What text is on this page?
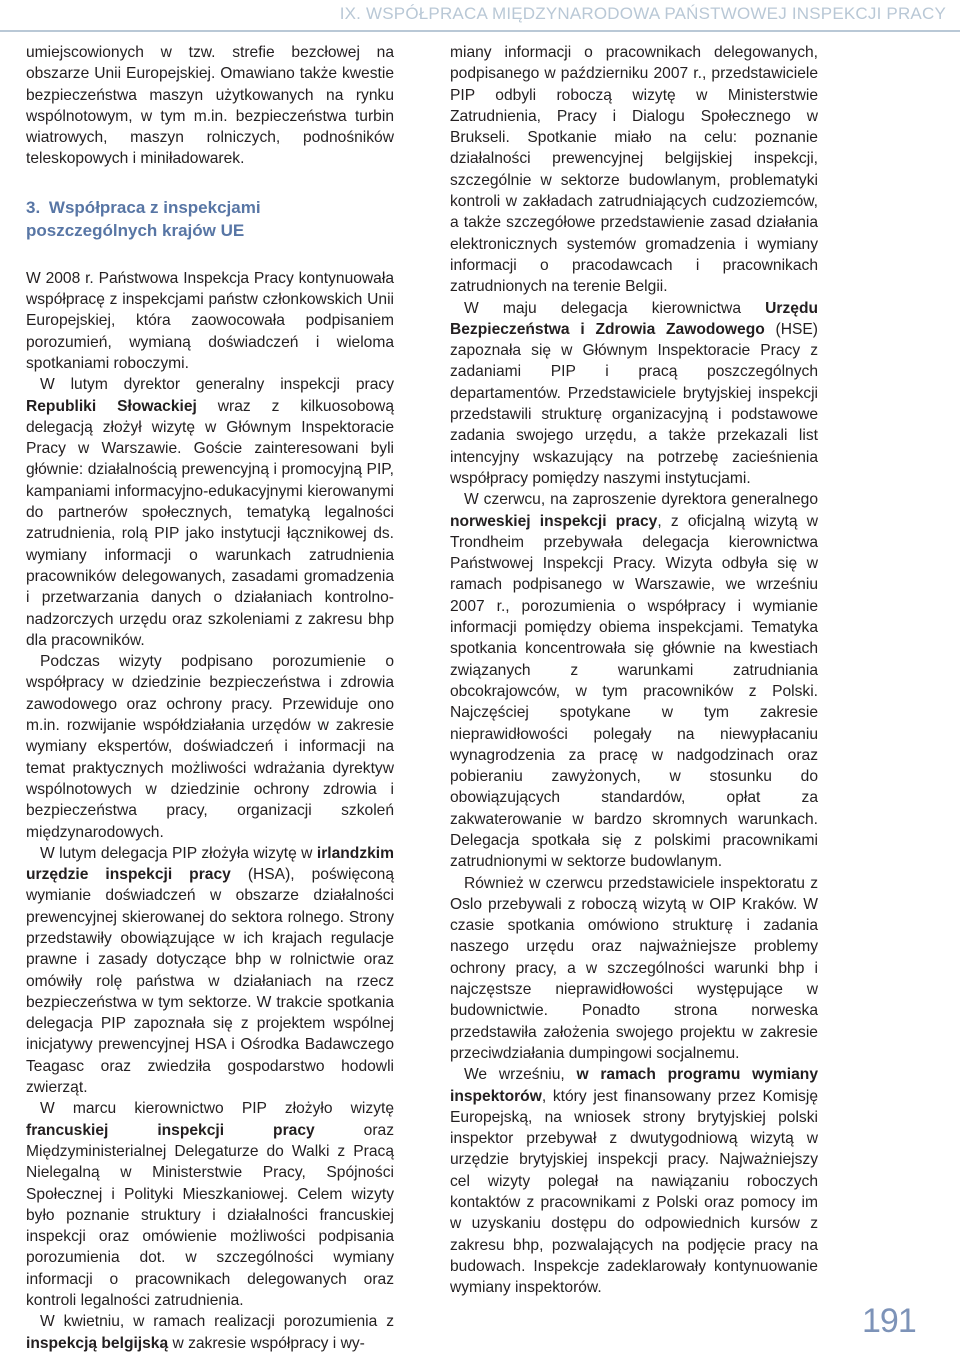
IX. WSPÓŁPRACA MIĘDZYNARODOWA PAŃSTWOWEJ INSPEKCJI PRACY

umiejscowionych w tzw. strefie bezcłowej na obszarze Unii Europejskiej. Omawiano także kwestie bezpieczeństwa maszyn użytkowanych na rynku wspólnotowym, w tym m.in. bezpieczeństwa turbin wiatrowych, maszyn rolniczych, podnośników teleskopowych i miniładowarek.

3. Współpraca z inspekcjami poszczególnych krajów UE

W 2008 r. Państwowa Inspekcja Pracy kontynuowała współpracę z inspekcjami państw członkowskich Unii Europejskiej, która zaowocowała podpisaniem porozumień, wymianą doświadczeń i wieloma spotkaniami roboczymi.

W lutym dyrektor generalny inspekcji pracy Republiki Słowackiej wraz z kilkuosobową delegacją złożył wizytę w Głównym Inspektoracie Pracy w Warszawie. Goście zainteresowani byli głównie: działalnością prewencyjną i promocyjną PIP, kampaniami informacyjno-edukacyjnymi kierowanymi do partnerów społecznych, tematyką legalności zatrudnienia, rolą PIP jako instytucji łącznikowej ds. wymiany informacji o warunkach zatrudnienia pracowników delegowanych, zasadami gromadzenia i przetwarzania danych o działaniach kontrolno-nadzorczych urzędu oraz szkoleniami z zakresu bhp dla pracowników.

Podczas wizyty podpisano porozumienie o współpracy w dziedzinie bezpieczeństwa i zdrowia zawodowego oraz ochrony pracy. Przewiduje ono m.in. rozwijanie współdziałania urzędów w zakresie wymiany ekspertów, doświadczeń i informacji na temat praktycznych możliwości wdrażania dyrektyw wspólnotowych w dziedzinie ochrony zdrowia i bezpieczeństwa pracy, organizacji szkoleń międzynarodowych.

W lutym delegacja PIP złożyła wizytę w irlandzkim urzędzie inspekcji pracy (HSA), poświęconą wymianie doświadczeń w obszarze działalności prewencyjnej skierowanej do sektora rolnego. Strony przedstawiły obowiązujące w ich krajach regulacje prawne i zasady dotyczące bhp w rolnictwie oraz omówiły rolę państwa w działaniach na rzecz bezpieczeństwa w tym sektorze. W trakcie spotkania delegacja PIP zapoznała się z projektem wspólnej inicjatywy prewencyjnej HSA i Ośrodka Badawczego Teagasc oraz zwiedziła gospodarstwo hodowli zwierząt.

W marcu kierownictwo PIP złożyło wizytę francuskiej inspekcji pracy oraz Międzyministerialnej Delegaturze do Walki z Pracą Nielegalną w Ministerstwie Pracy, Spójności Społecznej i Polityki Mieszkaniowej. Celem wizyty było poznanie struktury i działalności francuskiej inspekcji oraz omówienie możliwości podpisania porozumienia dot. w szczególności wymiany informacji o pracownikach delegowanych oraz kontroli legalności zatrudnienia.

W kwietniu, w ramach realizacji porozumienia z inspekcją belgijską w zakresie współpracy i wy-

miany informacji o pracownikach delegowanych, podpisanego w październiku 2007 r., przedstawiciele PIP odbyli roboczą wizytę w Ministerstwie Zatrudnienia, Pracy i Dialogu Społecznego w Brukseli. Spotkanie miało na celu: poznanie działalności prewencyjnej belgijskiej inspekcji, szczególnie w sektorze budowlanym, problematyki kontroli w zakładach zatrudniających cudzoziemców, a także szczegółowe przedstawienie zasad działania elektronicznych systemów gromadzenia i wymiany informacji o pracodawcach i pracownikach zatrudnionych na terenie Belgii.

W maju delegacja kierownictwa Urzędu Bezpieczeństwa i Zdrowia Zawodowego (HSE) zapoznała się w Głównym Inspektoracie Pracy z zadaniami PIP i pracą poszczególnych departamentów. Przedstawiciele brytyjskiej inspekcji przedstawili strukturę organizacyjną i podstawowe zadania swojego urzędu, a także przekazali list intencyjny wskazujący na potrzebę zacieśnienia współpracy pomiędzy naszymi instytucjami.

W czerwcu, na zaproszenie dyrektora generalnego norweskiej inspekcji pracy, z oficjalną wizytą w Trondheim przebywała delegacja kierownictwa Państwowej Inspekcji Pracy. Wizyta odbyła się w ramach podpisanego w Warszawie, we wrześniu 2007 r., porozumienia o współpracy i wymianie informacji pomiędzy obiema inspekcjami. Tematyka spotkania koncentrowała się głównie na kwestiach związanych z warunkami zatrudniania obcokrajowców, w tym pracowników z Polski. Najczęściej spotykane w tym zakresie nieprawidłowości polegały na niewypłacaniu wynagrodzenia za pracę w nadgodzinach oraz pobieraniu zawyżonych, w stosunku do obowiązujących standardów, opłat za zakwaterowanie w bardzo skromnych warunkach. Delegacja spotkała się z polskimi pracownikami zatrudnionymi w sektorze budowlanym.

Również w czerwcu przedstawiciele inspektoratu z Oslo przebywali z roboczą wizytą w OIP Kraków. W czasie spotkania omówiono strukturę i zadania naszego urzędu oraz najważniejsze problemy ochrony pracy, a w szczególności warunki bhp i najczęstsze nieprawidłowości występujące w budownictwie. Ponadto strona norweska przedstawiła założenia swojego projektu w zakresie przeciwdziałania dumpingowi socjalnemu.

We wrześniu, w ramach programu wymiany inspektorów, który jest finansowany przez Komisję Europejską, na wniosek strony brytyjskiej polski inspektor przebywał z dwutygodniową wizytą w urzędzie brytyjskiej inspekcji pracy. Najważniejszy cel wizyty polegał na nawiązaniu roboczych kontaktów z pracownikami z Polski oraz pomocy im w uzyskaniu dostępu do odpowiednich kursów z zakresu bhp, pozwalających na podjęcie pracy na budowach. Inspekcje zadeklarowały kontynuowanie wymiany inspektorów.

191
